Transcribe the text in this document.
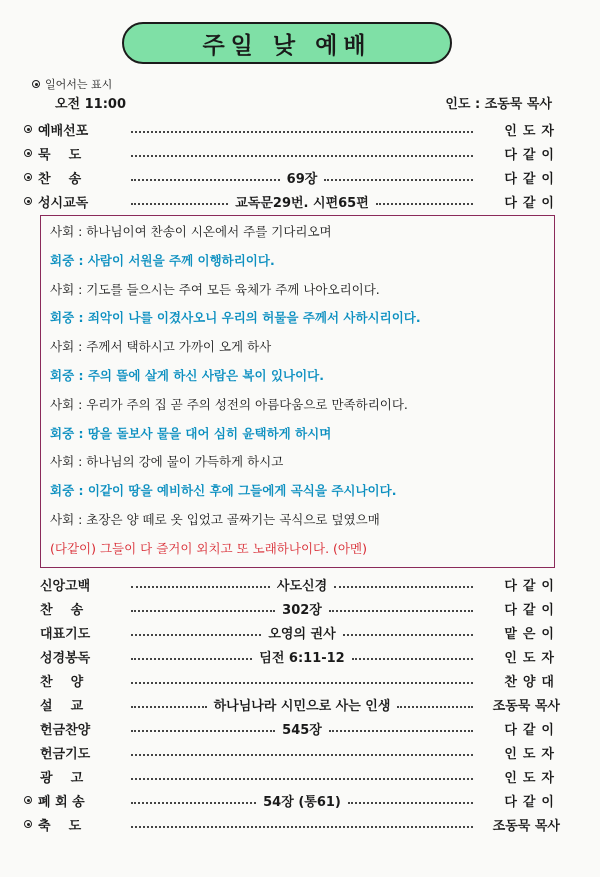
주일 낮 예배
일어서는 표시
오전 11:00	인도 : 조동묵 목사
예배선포	인도자
묵    도	다같이
찬    송	69장	다같이
성시교독	교독문29번. 시편65편	다같이
사회 : 하나님이여 찬송이 시온에서 주를 기다리오며
회중 : 사람이 서원을 주께 이행하리이다.
사회 : 기도를 들으시는 주여 모든 육체가 주께 나아오리이다.
회중 : 죄악이 나를 이겼사오니 우리의 허물을 주께서 사하시리이다.
사회 : 주께서 택하시고 가까이 오게 하사
회중 : 주의 뜰에 살게 하신 사람은 복이 있나이다.
사회 : 우리가 주의 집 곧 주의 성전의 아름다움으로 만족하리이다.
회중 : 땅을 돌보사 물을 대어 심히 윤택하게 하시며
사회 : 하나님의 강에 물이 가득하게 하시고
회중 : 이같이 땅을 예비하신 후에 그들에게 곡식을 주시나이다.
사회 : 초장은 양 떼로 옷 입었고 골짜기는 곡식으로 덮였으매
(다같이) 그들이 다 즐거이 외치고 또 노래하나이다. (아멘)
신앙고백	사도신경	다같이
찬    송	302장	다같이
대표기도	오영의 권사	맡은이
성경봉독	딤전 6:11-12	인도자
찬    양	찬양대
설    교	하나님나라 시민으로 사는 인생	조동묵 목사
헌금찬양	545장	다같이
헌금기도	인도자
광    고	인도자
폐 회 송	54장 (통61)	다같이
축    도	조동묵 목사
